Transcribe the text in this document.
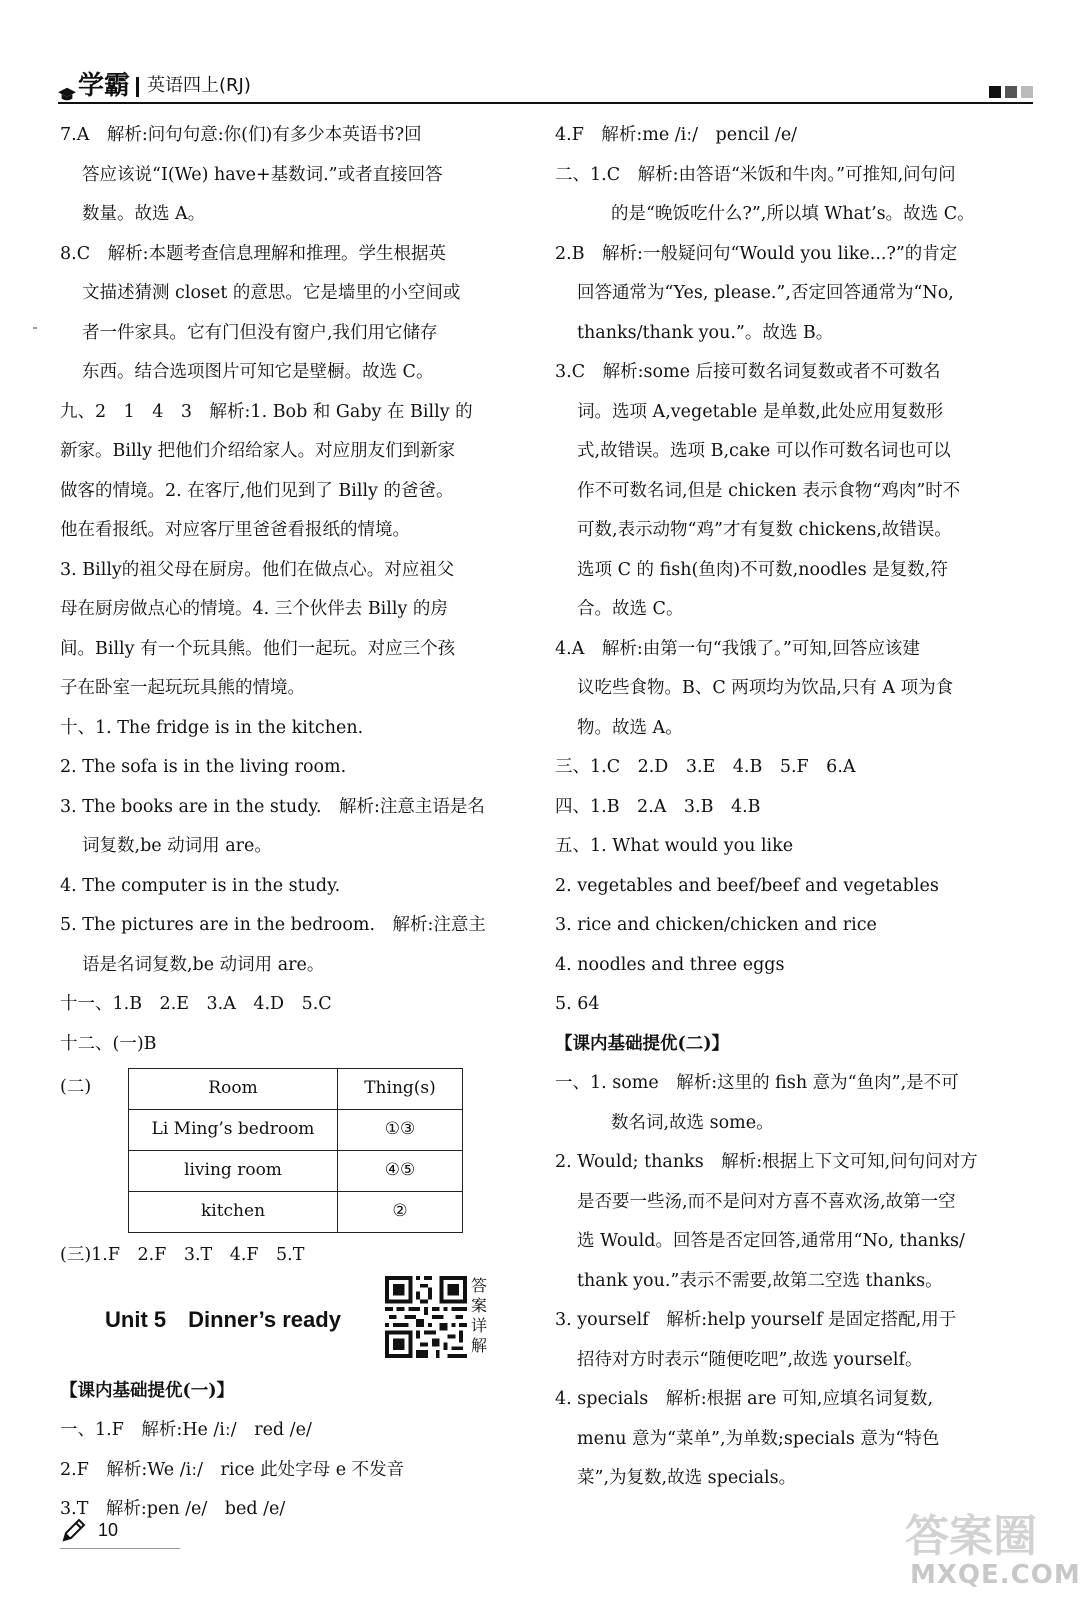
学霸 英语四上(RJ)

7.A　解析:问句句意:你(们)有多少本英语书?回

答应该说“I(We) have+基数词.”或者直接回答

数量。故选 A。

8.C　解析:本题考查信息理解和推理。学生根据英

文描述猜测 closet 的意思。它是墙里的小空间或

者一件家具。它有门但没有窗户,我们用它储存

东西。结合选项图片可知它是壁橱。故选 C。

九、2　1　4　3　解析:1. Bob 和 Gaby 在 Billy 的

新家。Billy 把他们介绍给家人。对应朋友们到新家

做客的情境。2. 在客厅,他们见到了 Billy 的爸爸。

他在看报纸。对应客厅里爸爸看报纸的情境。

3. Billy的祖父母在厨房。他们在做点心。对应祖父

母在厨房做点心的情境。4. 三个伙伴去 Billy 的房

间。Billy 有一个玩具熊。他们一起玩。对应三个孩

子在卧室一起玩玩具熊的情境。

十、1. The fridge is in the kitchen.

2. The sofa is in the living room.

3. The books are in the study.　解析:注意主语是名

词复数,be 动词用 are。

4. The computer is in the study.

5. The pictures are in the bedroom.　解析:注意主

语是名词复数,be 动词用 are。

十一、1.B　2.E　3.A　4.D　5.C

十二、(一)B

(二)	Room	Thing(s)
Li Ming’s bedroom	①③
living room	④⑤
kitchen	②

(三)1.F　2.F　3.T　4.F　5.T

Unit 5　Dinner’s ready
答案详解

【课内基础提优(一)】

一、1.F　解析:He /iː/　red /e/

2.F　解析:We /iː/　rice 此处字母 e 不发音

3.T　解析:pen /e/　bed /e/

4.F　解析:me /iː/　pencil /e/

二、1.C　解析:由答语“米饭和牛肉。”可推知,问句问

的是“晚饭吃什么?”,所以填 What’s。故选 C。

2.B　解析:一般疑问句“Would you like...?”的肯定

回答通常为“Yes, please.”,否定回答通常为“No,

thanks/thank you.”。故选 B。

3.C　解析:some 后接可数名词复数或者不可数名

词。选项 A,vegetable 是单数,此处应用复数形

式,故错误。选项 B,cake 可以作可数名词也可以

作不可数名词,但是 chicken 表示食物“鸡肉”时不

可数,表示动物“鸡”才有复数 chickens,故错误。

选项 C 的 fish(鱼肉)不可数,noodles 是复数,符

合。故选 C。

4.A　解析:由第一句“我饿了。”可知,回答应该建

议吃些食物。B、C 两项均为饮品,只有 A 项为食

物。故选 A。

三、1.C　2.D　3.E　4.B　5.F　6.A

四、1.B　2.A　3.B　4.B

五、1. What would you like

2. vegetables and beef/beef and vegetables

3. rice and chicken/chicken and rice

4. noodles and three eggs

5. 64

【课内基础提优(二)】

一、1. some　解析:这里的 fish 意为“鱼肉”,是不可

数名词,故选 some。

2. Would; thanks　解析:根据上下文可知,问句问对方

是否要一些汤,而不是问对方喜不喜欢汤,故第一空

选 Would。回答是否定回答,通常用“No, thanks/

thank you.”表示不需要,故第二空选 thanks。

3. yourself　解析:help yourself 是固定搭配,用于

招待对方时表示“随便吃吧”,故选 yourself。

4. specials　解析:根据 are 可知,应填名词复数,

menu 意为“菜单”,为单数;specials 意为“特色

菜”,为复数,故选 specials。

10	答案圈
MXQE.COM
